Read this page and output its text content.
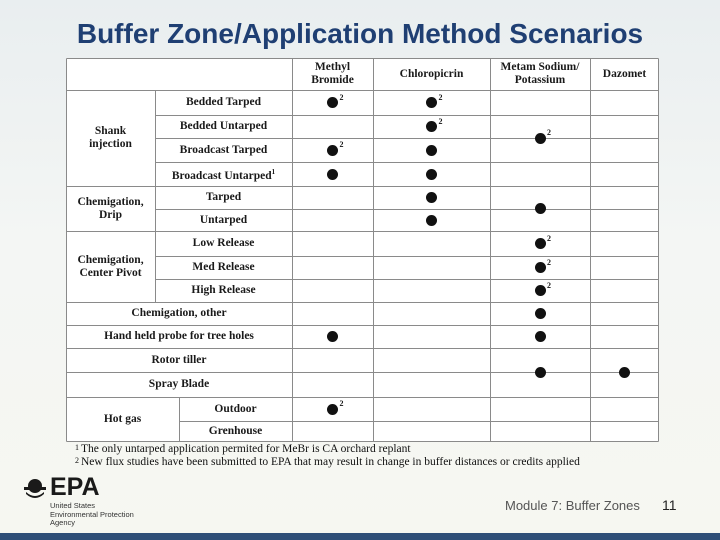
Buffer Zone/Application Method Scenarios
Methyl
Bromide
Chloropicrin
Metam Sodium/
Potassium
Dazomet
Shank
injection
Chemigation,
Drip
Chemigation,
Center Pivot
Hot gas
Bedded Tarped
Bedded Untarped
Broadcast Tarped
Broadcast Untarped$^1$
Tarped
Untarped
Low Release
Med Release
High Release
Chemigation, other
Hand held probe for tree holes
Rotor tiller
Spray Blade
Outdoor
Grenhouse
2	2
2
2
2
2
2
2
2
$^1$ The only untarped application permited for MeBr is CA orchard replant
$^2$ New flux studies have been submitted to EPA that may result in change in buffer distances or credits applied
EPA
United States
Environmental Protection
Agency
Module 7: Buffer Zones 11
